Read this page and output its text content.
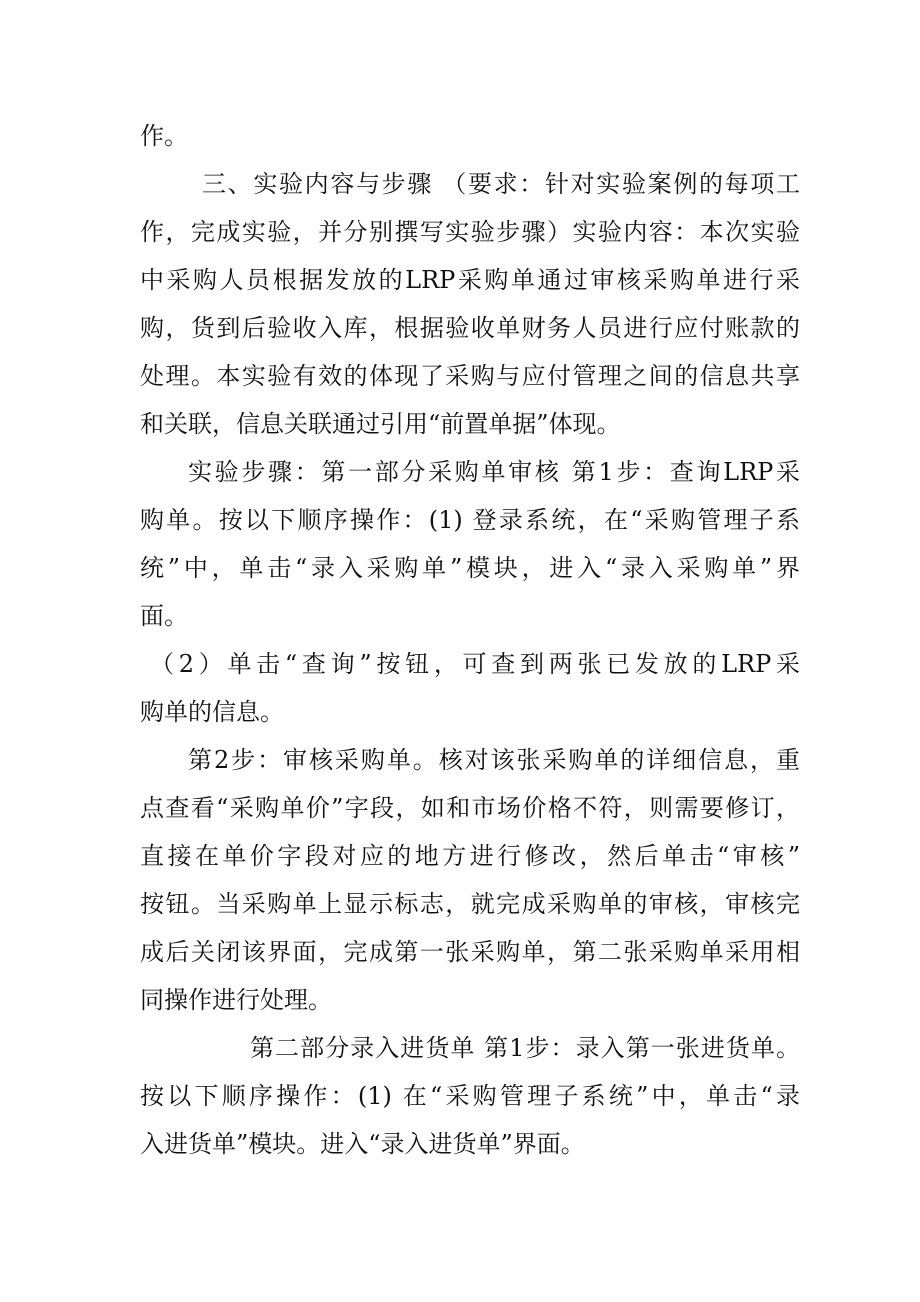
作。
三、实验内容与步骤 （要求：针对实验案例的每项工
作，完成实验，并分别撰写实验步骤）实验内容：本次实验
中采购人员根据发放的LRP采购单通过审核采购单进行采
购，货到后验收入库，根据验收单财务人员进行应付账款的
处理。本实验有效的体现了采购与应付管理之间的信息共享
和关联，信息关联通过引用“前置单据”体现。
实验步骤：第一部分采购单审核 第1步：查询LRP采
购单。按以下顺序操作：(1) 登录系统，在“采购管理子系
统”中，单击“录入采购单”模块，进入“录入采购单”界
面。
（2）单击“查询”按钮，可查到两张已发放的LRP采
购单的信息。
第2步：审核采购单。核对该张采购单的详细信息，重
点查看“采购单价”字段，如和市场价格不符，则需要修订，
直接在单价字段对应的地方进行修改，然后单击“审核”
按钮。当采购单上显示标志，就完成采购单的审核，审核完
成后关闭该界面，完成第一张采购单，第二张采购单采用相
同操作进行处理。
第二部分录入进货单 第1步：录入第一张进货单。
按以下顺序操作：(1) 在“采购管理子系统”中，单击“录
入进货单”模块。进入“录入进货单”界面。
